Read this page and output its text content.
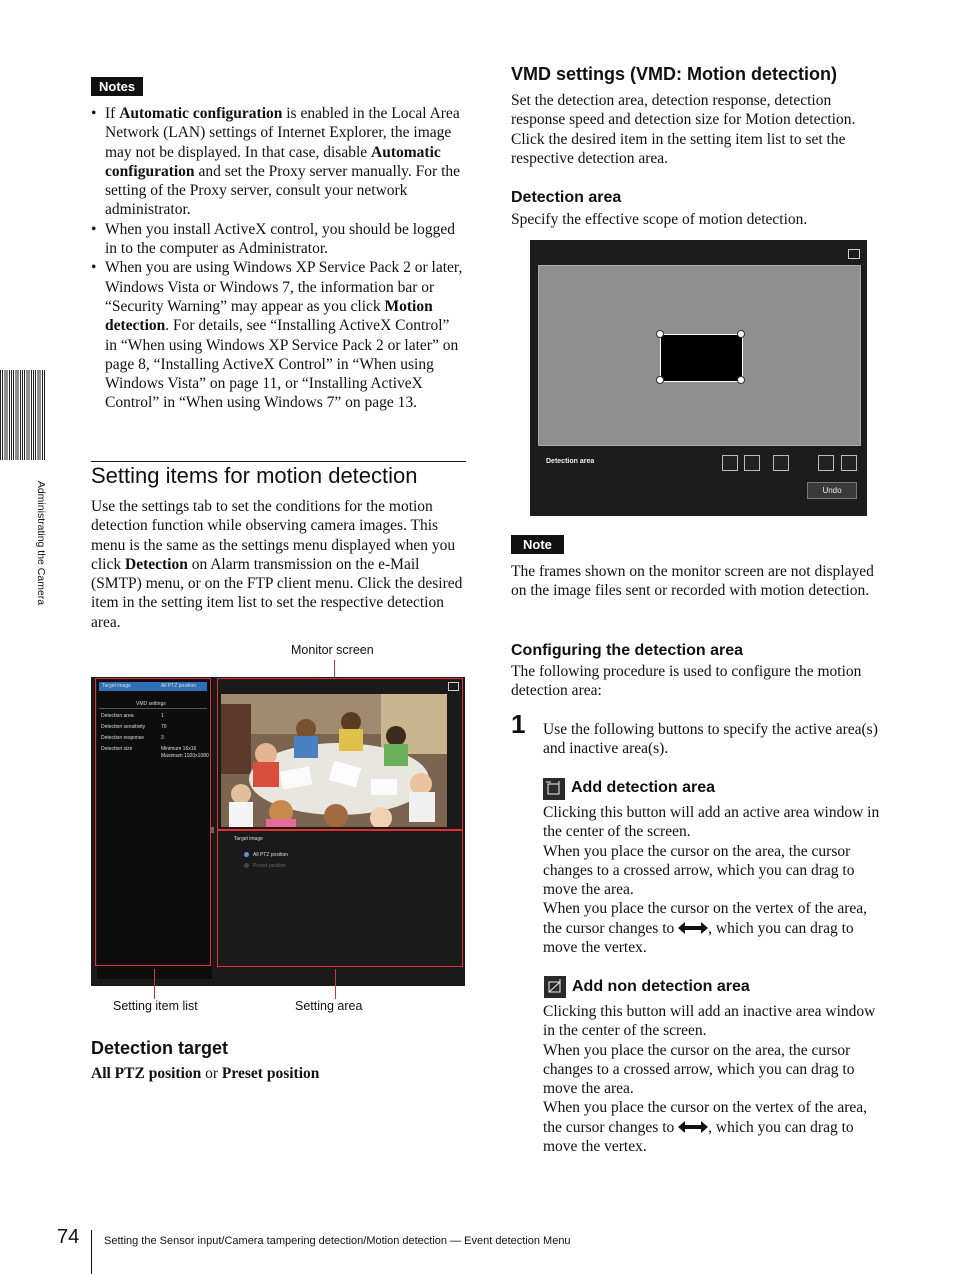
Administrating the Camera
Notes
• If Automatic configuration is enabled in the Local Area Network (LAN) settings of Internet Explorer, the image may not be displayed. In that case, disable Automatic configuration and set the Proxy server manually. For the setting of the Proxy server, consult your network administrator.
• When you install ActiveX control, you should be logged in to the computer as Administrator.
• When you are using Windows XP Service Pack 2 or later, Windows Vista or Windows 7, the information bar or “Security Warning” may appear as you click Motion detection. For details, see “Installing ActiveX Control” in “When using Windows XP Service Pack 2 or later” on page 8, “Installing ActiveX Control” in “When using Windows Vista” on page 11, or “Installing ActiveX Control” in “When using Windows 7” on page 13.
Setting items for motion detection
Use the settings tab to set the conditions for the motion detection function while observing camera images. This menu is the same as the settings menu displayed when you click Detection on Alarm transmission on the e-Mail (SMTP) menu, or on the FTP client menu. Click the desired item in the setting item list to set the respective detection area.
Monitor screen
Target image	All PTZ position
VMD settings
Detection area	1
Detection sensitivity	70
Detection response	3
Detection size	Minimum 16x16
Maximum 1920x1080
Target image
All PTZ position
Preset position
Setting item list	Setting area
Detection target
All PTZ position or Preset position
VMD settings (VMD: Motion detection)
Set the detection area, detection response, detection response speed and detection size for Motion detection. Click the desired item in the setting item list to set the respective detection area.
Detection area
Specify the effective scope of motion detection.
Detection area
Undo
Note
The frames shown on the monitor screen are not displayed on the image files sent or recorded with motion detection.
Configuring the detection area
The following procedure is used to configure the motion detection area:
1 Use the following buttons to specify the active area(s) and inactive area(s).
Add detection area
Clicking this button will add an active area window in the center of the screen.
When you place the cursor on the area, the cursor changes to a crossed arrow, which you can drag to move the area.
When you place the cursor on the vertex of the area, the cursor changes to , which you can drag to move the vertex.
Add non detection area
Clicking this button will add an inactive area window in the center of the screen.
When you place the cursor on the area, the cursor changes to a crossed arrow, which you can drag to move the area.
When you place the cursor on the vertex of the area, the cursor changes to , which you can drag to move the vertex.
74 Setting the Sensor input/Camera tampering detection/Motion detection — Event detection Menu
